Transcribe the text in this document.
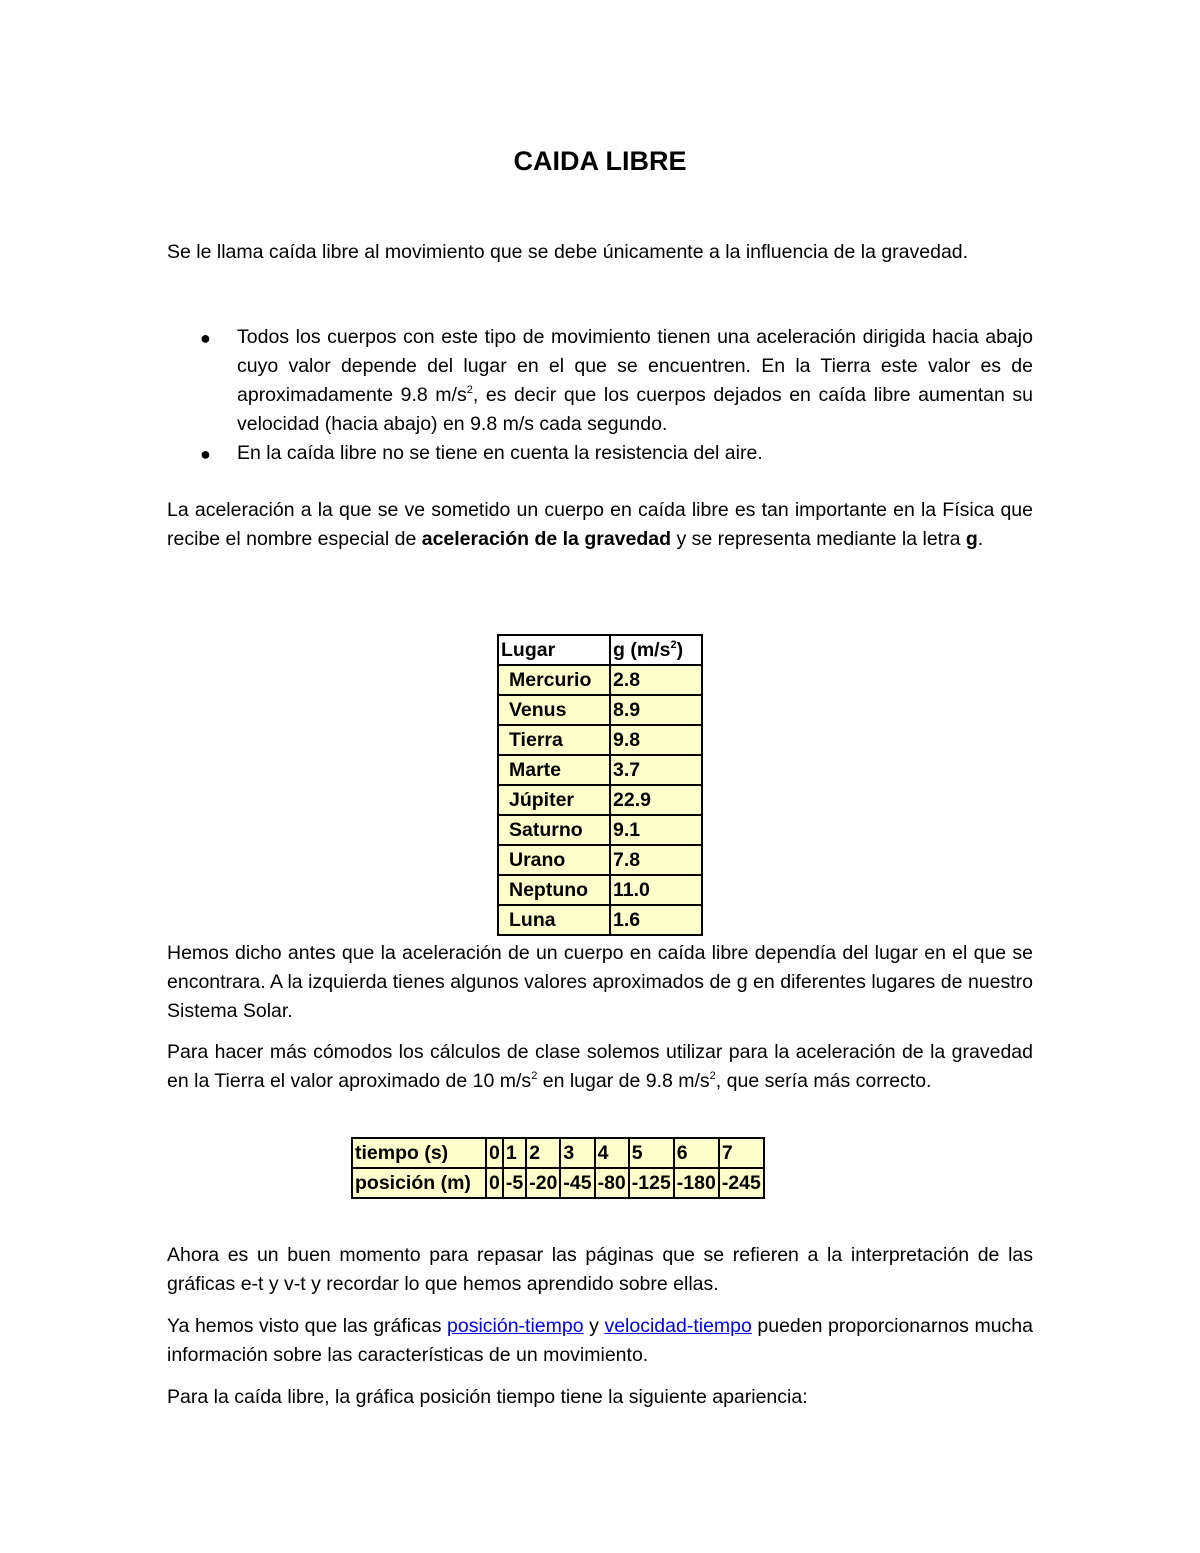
CAIDA LIBRE

Se le llama caída libre al movimiento que se debe únicamente a la influencia de la gravedad.

● Todos los cuerpos con este tipo de movimiento tienen una aceleración dirigida hacia abajo cuyo valor depende del lugar en el que se encuentren. En la Tierra este valor es de aproximadamente 9.8 $m/s^2$, es decir que los cuerpos dejados en caída libre aumentan su velocidad (hacia abajo) en 9.8 m/s cada segundo.
● En la caída libre no se tiene en cuenta la resistencia del aire.

La aceleración a la que se ve sometido un cuerpo en caída libre es tan importante en la Física que recibe el nombre especial de aceleración de la gravedad y se representa mediante la letra g.

Lugar	g $(m/s^2)$
Mercurio	2.8
Venus	8.9
Tierra	9.8
Marte	3.7
Júpiter	22.9
Saturno	9.1
Urano	7.8
Neptuno	11.0
Luna	1.6

Hemos dicho antes que la aceleración de un cuerpo en caída libre dependía del lugar en el que se encontrara. A la izquierda tienes algunos valores aproximados de g en diferentes lugares de nuestro Sistema Solar.

Para hacer más cómodos los cálculos de clase solemos utilizar para la aceleración de la gravedad en la Tierra el valor aproximado de 10 $m/s^2$ en lugar de 9.8 $m/s^2$, que sería más correcto.

tiempo (s)	0	1	2	3	4	5	6	7
posición (m)	0	-5	-20	-45	-80	-125	-180	-245

Ahora es un buen momento para repasar las páginas que se refieren a la interpretación de las gráficas e-t y v-t y recordar lo que hemos aprendido sobre ellas.

Ya hemos visto que las gráficas posición-tiempo y velocidad-tiempo pueden proporcionarnos mucha información sobre las características de un movimiento.

Para la caída libre, la gráfica posición tiempo tiene la siguiente apariencia:
